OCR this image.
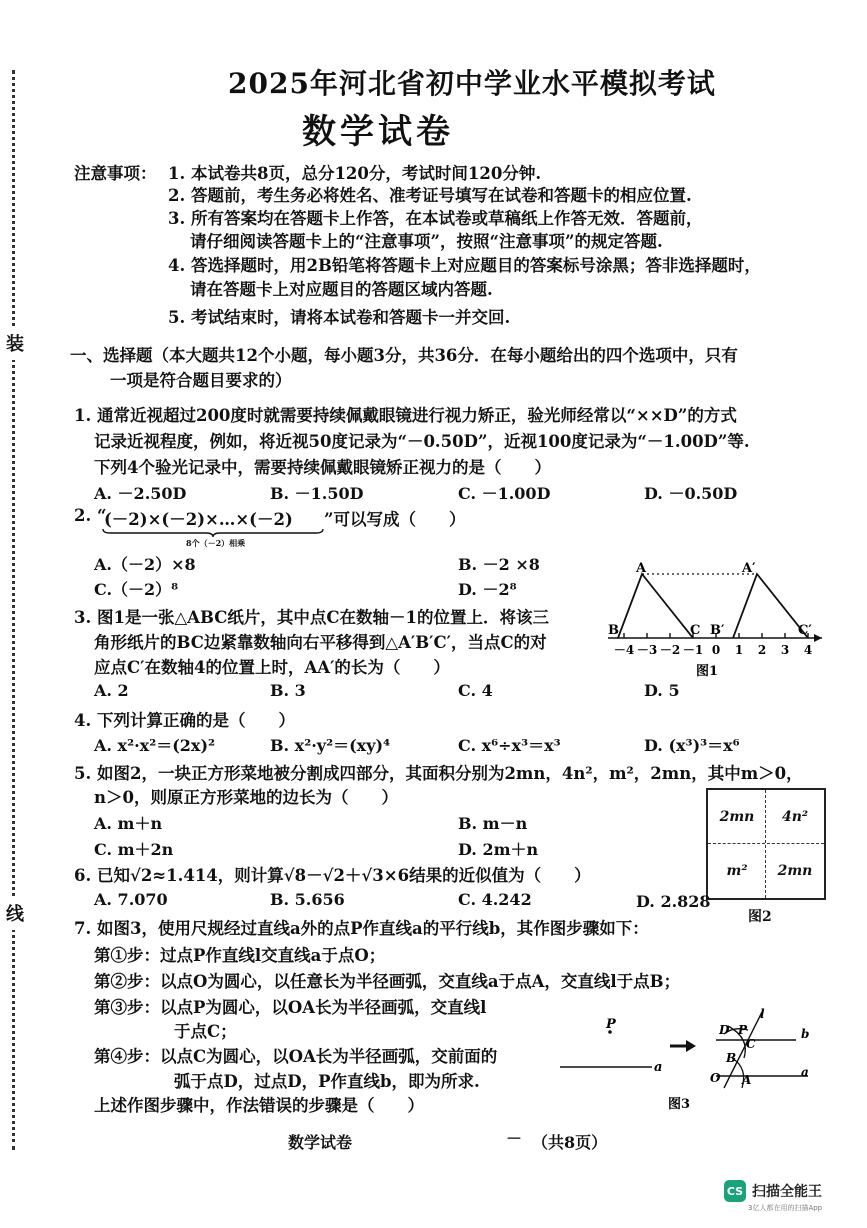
装
线
2025年河北省初中学业水平模拟考试
数学试卷
注意事项： 1. 本试卷共8页，总分120分，考试时间120分钟.
2. 答题前，考生务必将姓名、准考证号填写在试卷和答题卡的相应位置.
3. 所有答案均在答题卡上作答，在本试卷或草稿纸上作答无效．答题前，
请仔细阅读答题卡上的“注意事项”，按照“注意事项”的规定答题.
4. 答选择题时，用2B铅笔将答题卡上对应题目的答案标号涂黑；答非选择题时，
请在答题卡上对应题目的答题区域内答题.
5. 考试结束时，请将本试卷和答题卡一并交回.
一、选择题（本大题共12个小题，每小题3分，共36分．在每小题给出的四个选项中，只有
一项是符合题目要求的）
1. 通常近视超过200度时就需要持续佩戴眼镜进行视力矫正，验光师经常以“××D”的方式
记录近视程度，例如，将近视50度记录为“－0.50D”，近视100度记录为“－1.00D”等.
下列4个验光记录中，需要持续佩戴眼镜矫正视力的是（　　）
A. －2.50D	B. －1.50D	C. －1.00D	D. －0.50D
2. “
(－2)×(－2)×…×(－2) ”可以写成（　　）
8个（－2）相乘
A.（－2）×8	B. －2 ×8
C.（－2）⁸	D. －2⁸
3. 图1是一张△ABC纸片，其中点C在数轴－1的位置上．将该三
角形纸片的BC边紧靠数轴向右平移得到△A′B′C′，当点C的对
应点C′在数轴4的位置上时，AA′的长为（　　）
A. 2	B. 3	C. 4	D. 5
A	A′
B	C B′	C′
－4 －3 －2 －1 0 1 2 3 4
图1
4. 下列计算正确的是（　　）
A. x²·x²＝(2x)²	B. x²·y²＝(xy)⁴	C. x⁶÷x³＝x³	D. (x³)³＝x⁶
5. 如图2，一块正方形菜地被分割成四部分，其面积分别为2mn，4n²，m²，2mn，其中m＞0，
n＞0，则原正方形菜地的边长为（　　）
A. m＋n	B. m－n
C. m＋2n	D. 2m＋n
2mn	4n²
m²	2mn
图2
6. 已知√2≈1.414，则计算√8－√2＋√3×6结果的近似值为（　　）
A. 7.070	B. 5.656	C. 4.242	D. 2.828
7. 如图3，使用尺规经过直线a外的点P作直线a的平行线b，其作图步骤如下：
第①步：过点P作直线l交直线a于点O；
第②步：以点O为圆心，以任意长为半径画弧，交直线a于点A，交直线l于点B；
第③步：以点P为圆心，以OA长为半径画弧，交直线l
于点C；
第④步：以点C为圆心，以OA长为半径画弧，交前面的
弧于点D，过点D，P作直线b，即为所求.
上述作图步骤中，作法错误的步骤是（　　）
P
a
l
b
D P
C
B
O A
a
图3
数学试卷	－ （共8页）
CS 扫描全能王
3亿人都在用的扫描App
